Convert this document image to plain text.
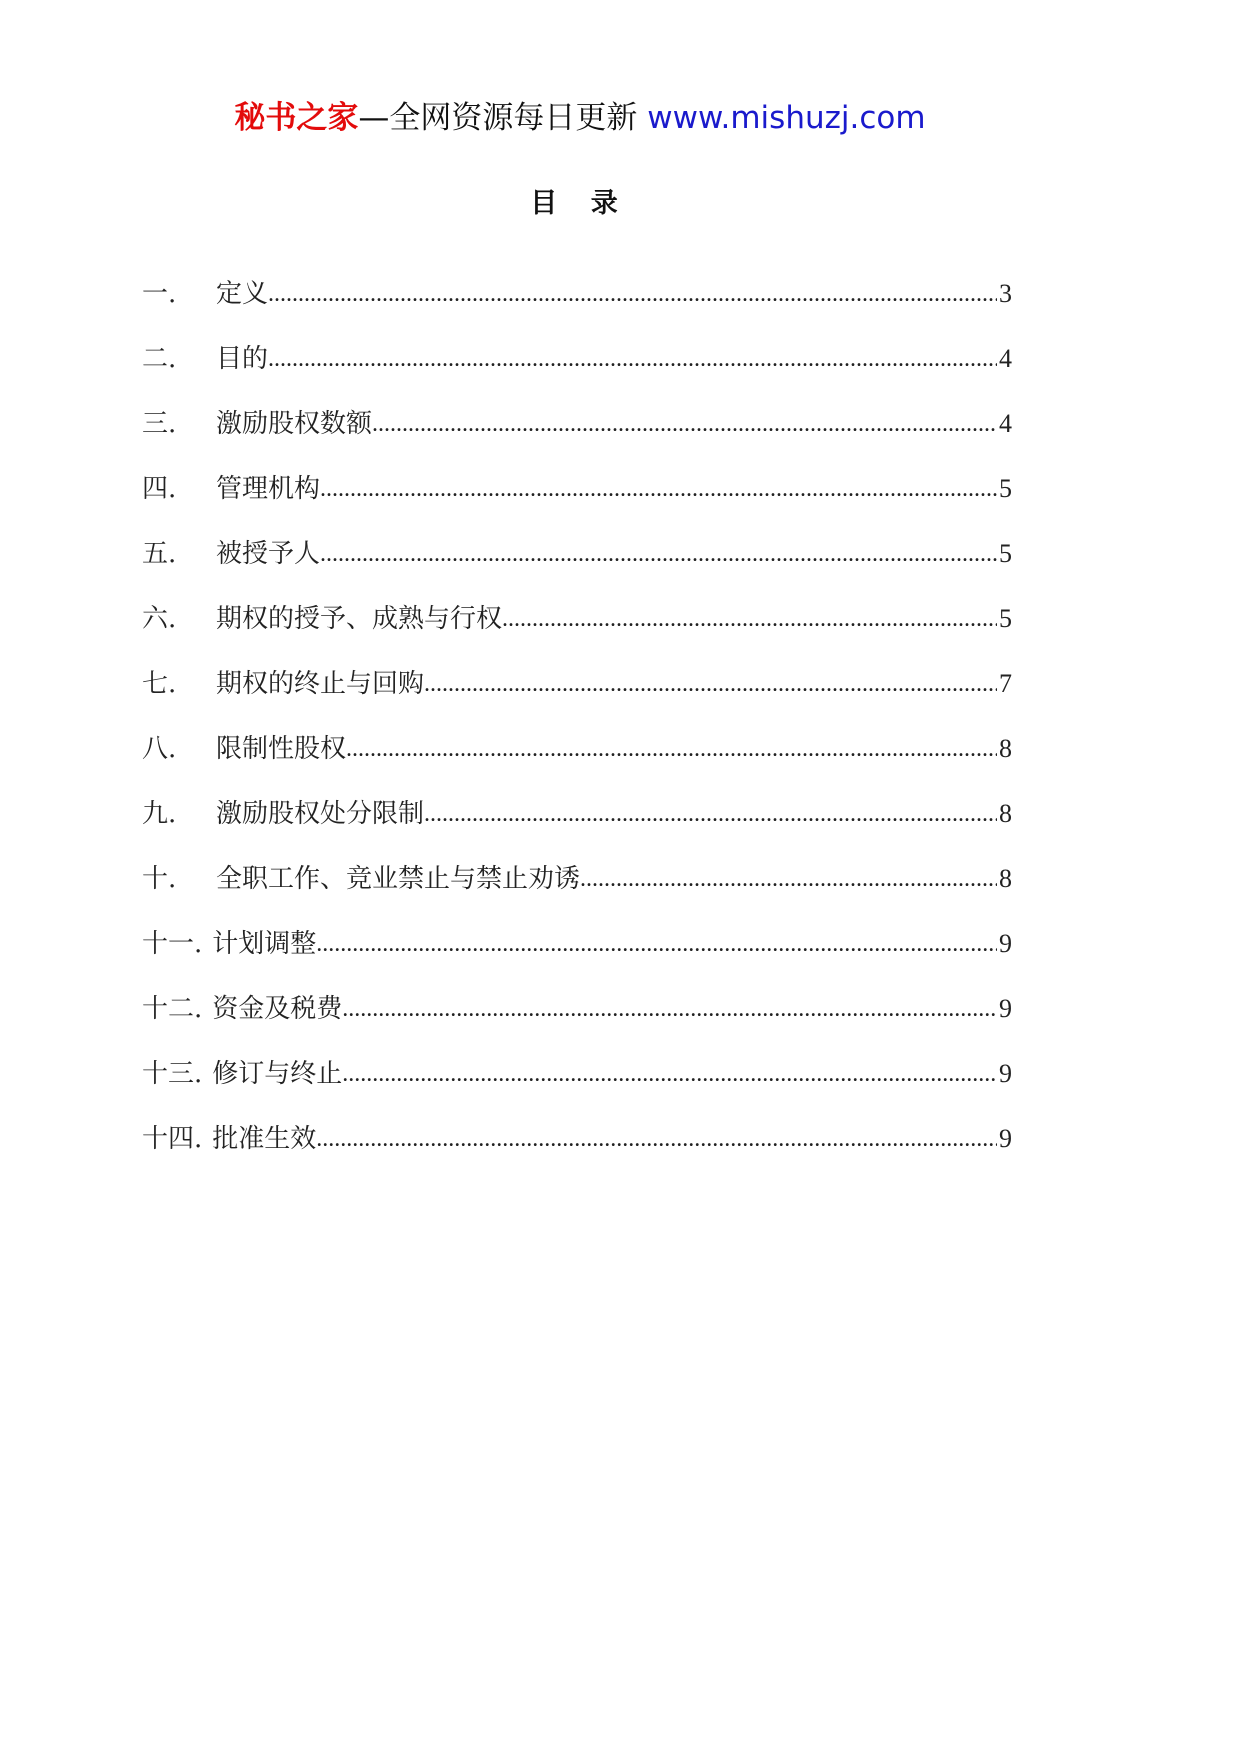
秘书之家—全网资源每日更新 www.mishuzj.com
目 录
一.	定义 .....	3
二.	目的 .....	4
三.	激励股权数额 .....	4
四.	管理机构 .....	5
五.	被授予人 .....	5
六.	期权的授予、成熟与行权 .....	5
七.	期权的终止与回购 .....	7
八.	限制性股权 .....	8
九.	激励股权处分限制 .....	8
十.	全职工作、竞业禁止与禁止劝诱 .....	8
十一. 计划调整 .....	9
十二. 资金及税费 .....	9
十三. 修订与终止 .....	9
十四. 批准生效 .....	9
